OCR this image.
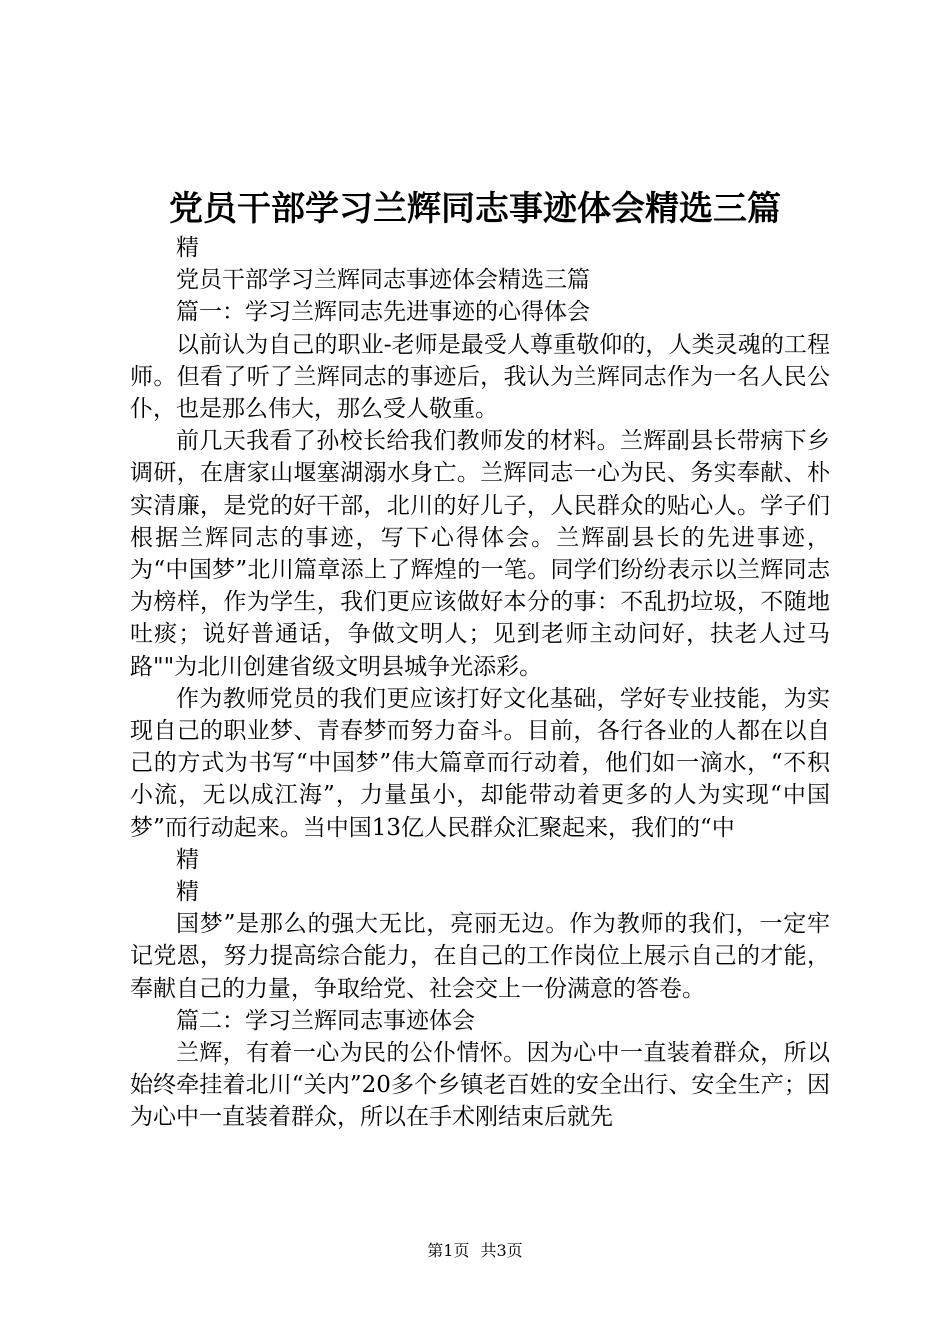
党员干部学习兰辉同志事迹体会精选三篇

精

党员干部学习兰辉同志事迹体会精选三篇

篇一：学习兰辉同志先进事迹的心得体会

以前认为自己的职业-老师是最受人尊重敬仰的，人类灵魂的工程师。但看了听了兰辉同志的事迹后，我认为兰辉同志作为一名人民公仆，也是那么伟大，那么受人敬重。

前几天我看了孙校长给我们教师发的材料。兰辉副县长带病下乡调研，在唐家山堰塞湖溺水身亡。兰辉同志一心为民、务实奉献、朴实清廉，是党的好干部，北川的好儿子，人民群众的贴心人。学子们根据兰辉同志的事迹，写下心得体会。兰辉副县长的先进事迹，为“中国梦”北川篇章添上了辉煌的一笔。同学们纷纷表示以兰辉同志为榜样，作为学生，我们更应该做好本分的事：不乱扔垃圾，不随地吐痰；说好普通话，争做文明人；见到老师主动问好，扶老人过马路""为北川创建省级文明县城争光添彩。

作为教师党员的我们更应该打好文化基础，学好专业技能，为实现自己的职业梦、青春梦而努力奋斗。目前，各行各业的人都在以自己的方式为书写“中国梦”伟大篇章而行动着，他们如一滴水，“不积小流，无以成江海”，力量虽小，却能带动着更多的人为实现“中国梦”而行动起来。当中国13亿人民群众汇聚起来，我们的“中

精

精

国梦”是那么的强大无比，亮丽无边。作为教师的我们，一定牢记党恩，努力提高综合能力，在自己的工作岗位上展示自己的才能，奉献自己的力量，争取给党、社会交上一份满意的答卷。

篇二：学习兰辉同志事迹体会

兰辉，有着一心为民的公仆情怀。因为心中一直装着群众，所以始终牵挂着北川“关内”20多个乡镇老百姓的安全出行、安全生产；因为心中一直装着群众，所以在手术刚结束后就先

第1页 共3页
